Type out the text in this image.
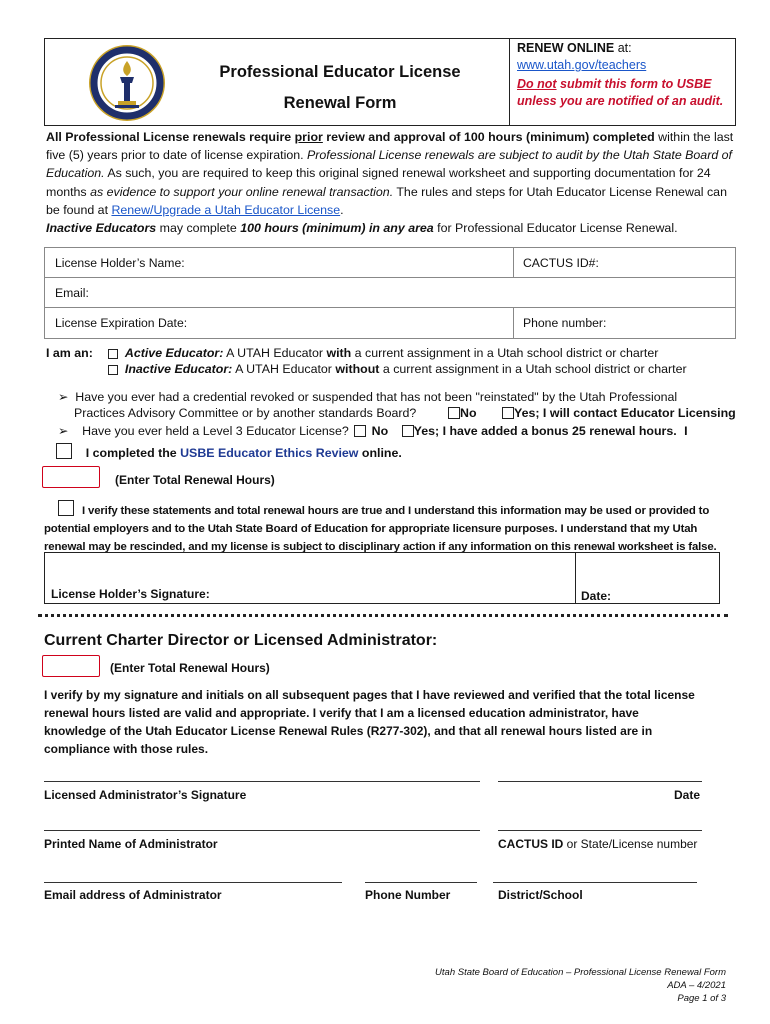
Professional Educator License
Renewal Form
RENEW ONLINE at:
www.utah.gov/teachers
Do not submit this form to USBE
unless you are notified of an audit.
All Professional License renewals require prior review and approval of 100 hours (minimum) completed within the last five (5) years prior to date of license expiration. Professional License renewals are subject to audit by the Utah State Board of Education. As such, you are required to keep this original signed renewal worksheet and supporting documentation for 24 months as evidence to support your online renewal transaction. The rules and steps for Utah Educator License Renewal can be found at Renew/Upgrade a Utah Educator License.
Inactive Educators may complete 100 hours (minimum) in any area for Professional Educator License Renewal.
License Holder’s Name:	CACTUS ID#:
Email:
License Expiration Date:	Phone number:
I am an:	Active Educator: A UTAH Educator with a current assignment in a Utah school district or charter
Inactive Educator: A UTAH Educator without a current assignment in a Utah school district or charter
➢ Have you ever had a credential revoked or suspended that has not been "reinstated" by the Utah Professional
Practices Advisory Committee or by another standards Board?	No	Yes; I will contact Educator Licensing
➢ Have you ever held a Level 3 Educator License? No Yes; I have added a bonus 25 renewal hours. I
I completed the USBE Educator Ethics Review online.
(Enter Total Renewal Hours)
I verify these statements and total renewal hours are true and I understand this information may be used or provided to
potential employers and to the Utah State Board of Education for appropriate licensure purposes. I understand that my Utah
renewal may be rescinded, and my license is subject to disciplinary action if any information on this renewal worksheet is false.
License Holder’s Signature:	Date:
Current Charter Director or Licensed Administrator:
(Enter Total Renewal Hours)
I verify by my signature and initials on all subsequent pages that I have reviewed and verified that the total license
renewal hours listed are valid and appropriate. I verify that I am a licensed education administrator, have
knowledge of the Utah Educator License Renewal Rules (R277-302), and that all renewal hours listed are in
compliance with those rules.
Licensed Administrator’s Signature	Date
Printed Name of Administrator	CACTUS ID or State/License number
Email address of Administrator	Phone Number	District/School
Utah State Board of Education – Professional License Renewal Form ADA – 4/2021
Page 1 of 3
